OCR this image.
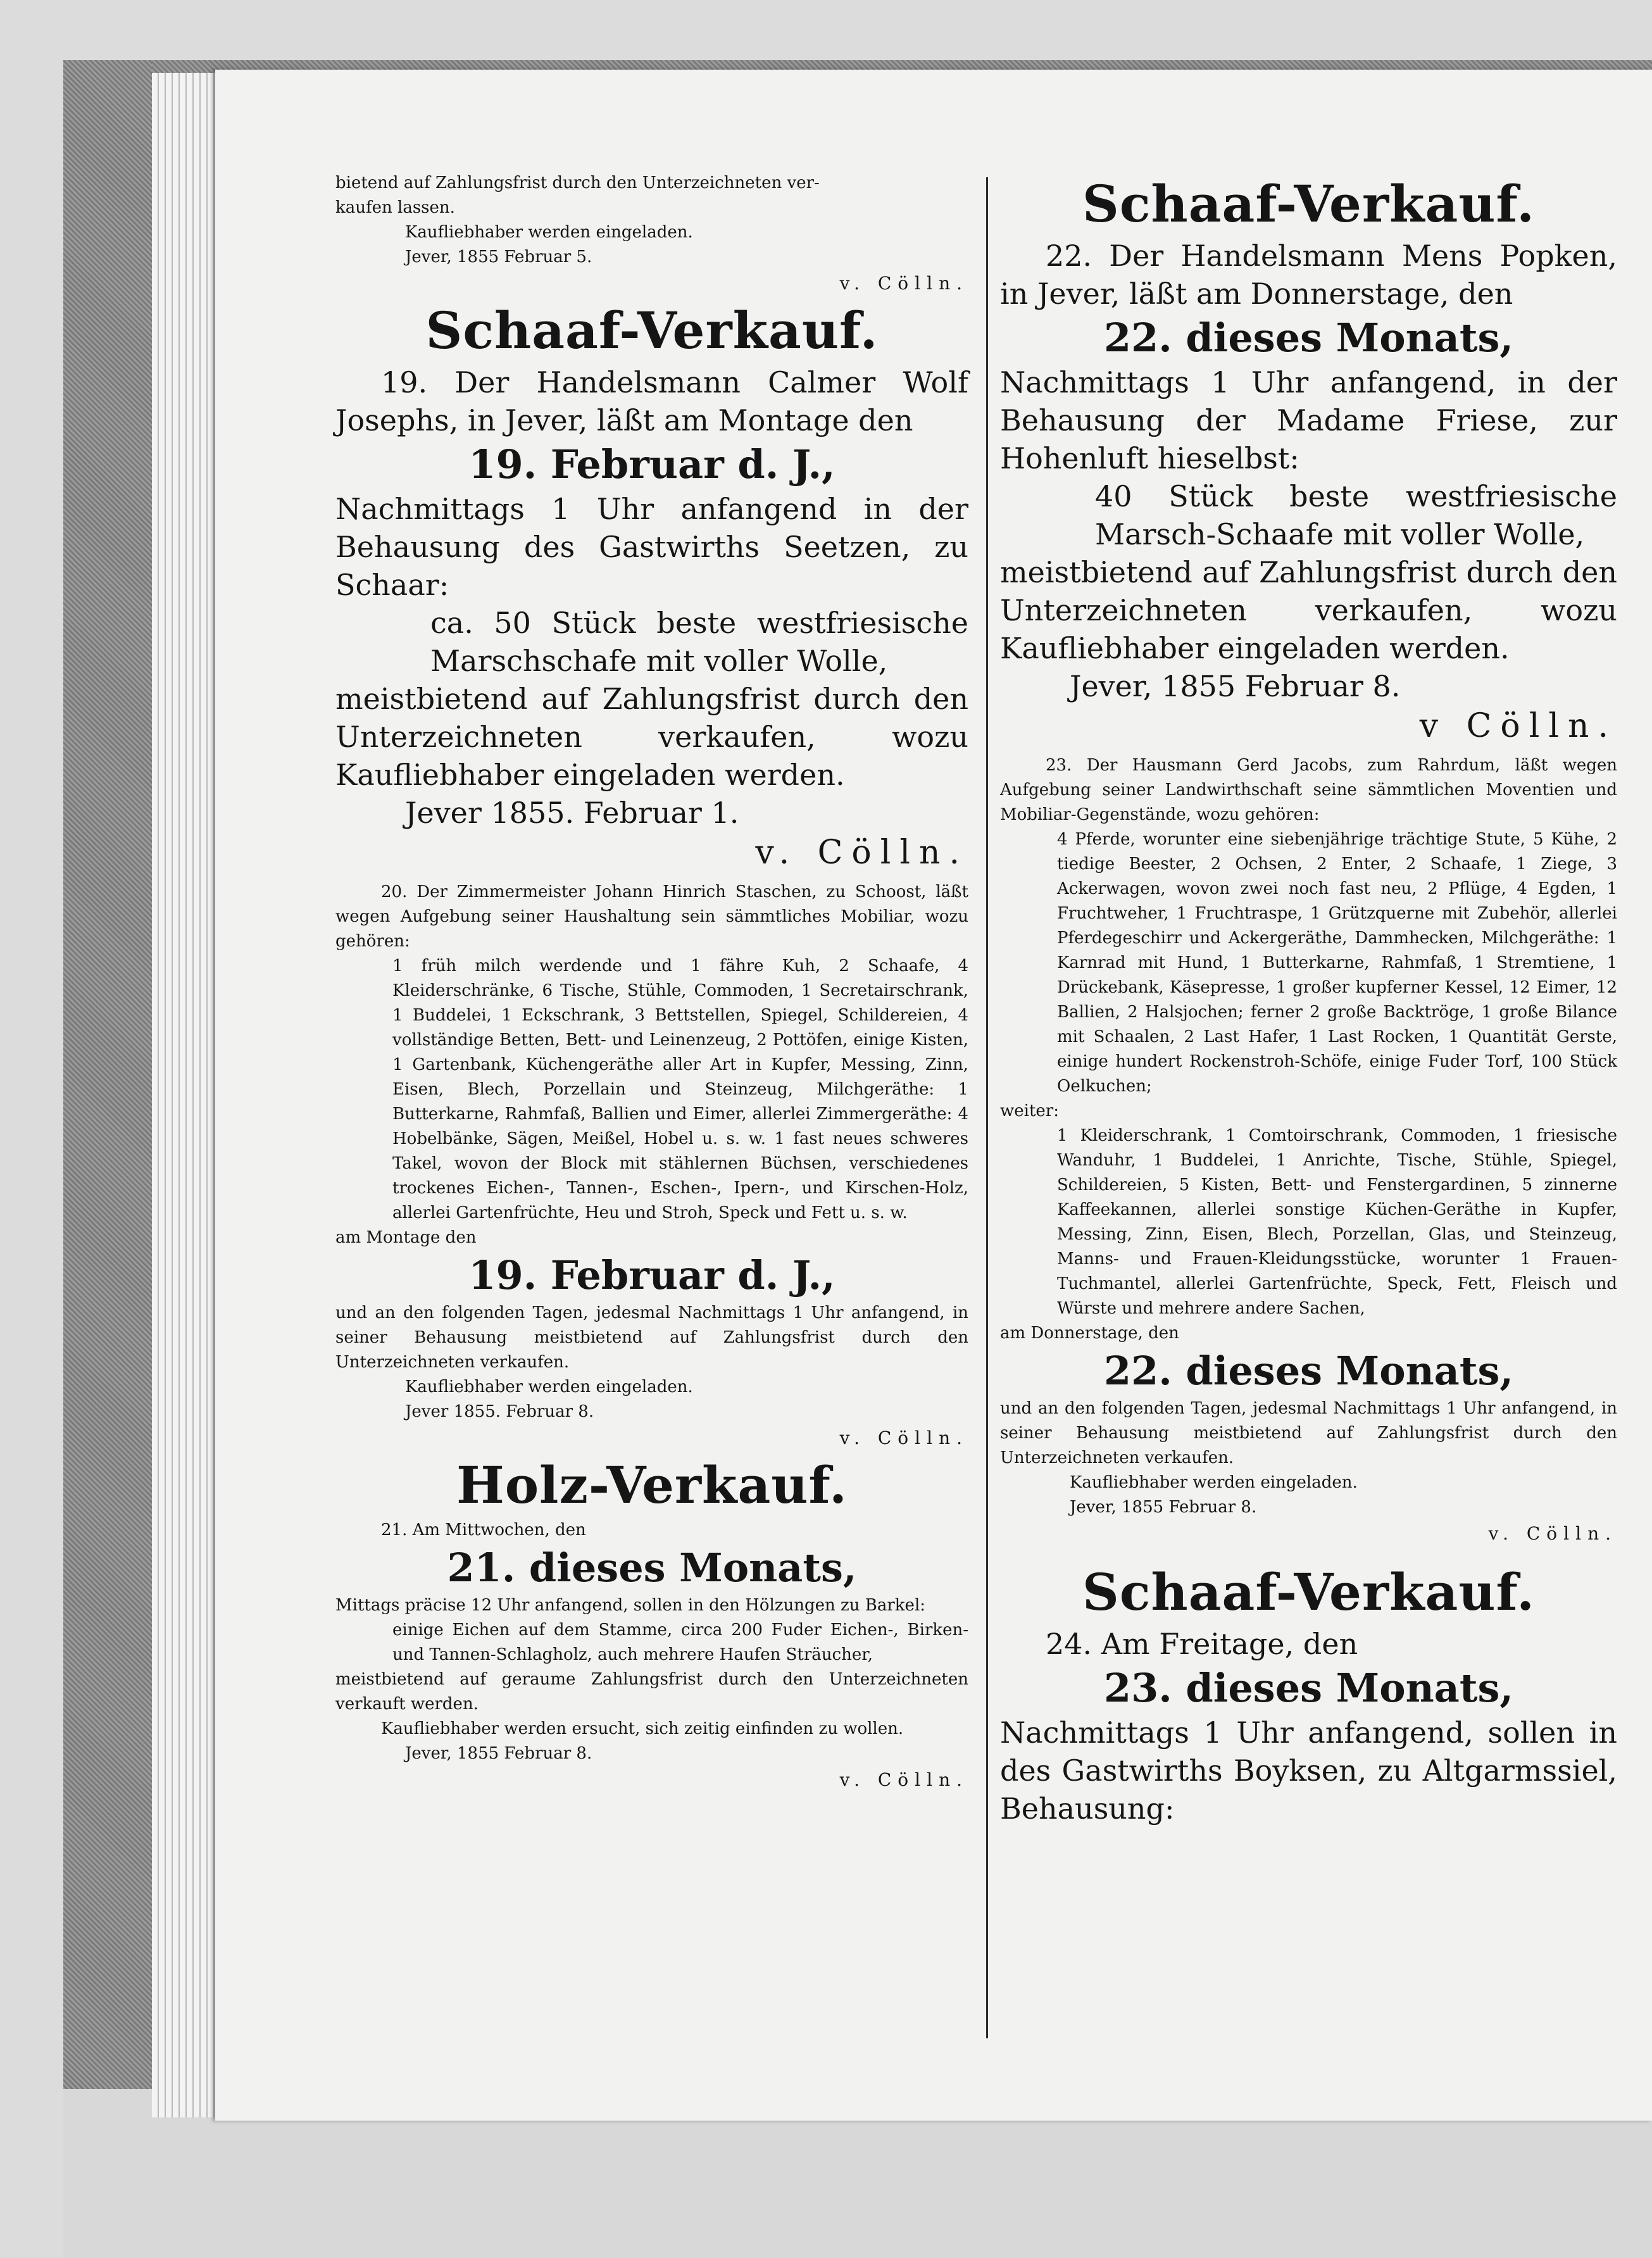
bietend auf Zahlungsfrist durch den Unterzeichneten ver-

kaufen lassen.

Kaufliebhaber werden eingeladen.

Jever, 1855 Februar 5.

v. Cölln.

Schaaf-Verkauf.

19. Der Handelsmann Calmer Wolf Josephs, in Jever, läßt am Montage den

19. Februar d. J.,

Nachmittags 1 Uhr anfangend in der Behausung des Gastwirths Seetzen, zu Schaar:

ca. 50 Stück beste westfriesische Marschschafe mit voller Wolle,

meistbietend auf Zahlungsfrist durch den Unterzeichneten verkaufen, wozu Kaufliebhaber eingeladen werden.

Jever 1855. Februar 1.

v. Cölln.

20. Der Zimmermeister Johann Hinrich Staschen, zu Schoost, läßt wegen Aufgebung seiner Haushaltung sein sämmtliches Mobiliar, wozu gehören:

1 früh milch werdende und 1 fähre Kuh, 2 Schaafe, 4 Kleiderschränke, 6 Tische, Stühle, Commoden, 1 Secretairschrank, 1 Buddelei, 1 Eckschrank, 3 Bettstellen, Spiegel, Schildereien, 4 vollständige Betten, Bett- und Leinenzeug, 2 Pottöfen, einige Kisten, 1 Gartenbank, Küchengeräthe aller Art in Kupfer, Messing, Zinn, Eisen, Blech, Porzellain und Steinzeug, Milchgeräthe: 1 Butterkarne, Rahmfaß, Ballien und Eimer, allerlei Zimmergeräthe: 4 Hobelbänke, Sägen, Meißel, Hobel u. s. w. 1 fast neues schweres Takel, wovon der Block mit stählernen Büchsen, verschiedenes trockenes Eichen-, Tannen-, Eschen-, Ipern-, und Kirschen-Holz, allerlei Gartenfrüchte, Heu und Stroh, Speck und Fett u. s. w.

am Montage den

19. Februar d. J.,

und an den folgenden Tagen, jedesmal Nachmittags 1 Uhr anfangend, in seiner Behausung meistbietend auf Zahlungsfrist durch den Unterzeichneten verkaufen.

Kaufliebhaber werden eingeladen.

Jever 1855. Februar 8.

v. Cölln.

Holz-Verkauf.

21. Am Mittwochen, den

21. dieses Monats,

Mittags präcise 12 Uhr anfangend, sollen in den Hölzungen zu Barkel:

einige Eichen auf dem Stamme, circa 200 Fuder Eichen-, Birken- und Tannen-Schlagholz, auch mehrere Haufen Sträucher,

meistbietend auf geraume Zahlungsfrist durch den Unterzeichneten verkauft werden.

Kaufliebhaber werden ersucht, sich zeitig einfinden zu wollen.

Jever, 1855 Februar 8.

v. Cölln.

Schaaf-Verkauf.

22. Der Handelsmann Mens Popken, in Jever, läßt am Donnerstage, den

22. dieses Monats,

Nachmittags 1 Uhr anfangend, in der Behausung der Madame Friese, zur Hohenluft hieselbst:

40 Stück beste westfriesische Marsch-Schaafe mit voller Wolle,

meistbietend auf Zahlungsfrist durch den Unterzeichneten verkaufen, wozu Kaufliebhaber eingeladen werden.

Jever, 1855 Februar 8.

v Cölln.

23. Der Hausmann Gerd Jacobs, zum Rahrdum, läßt wegen Aufgebung seiner Landwirthschaft seine sämmtlichen Moventien und Mobiliar-Gegenstände, wozu gehören:

4 Pferde, worunter eine siebenjährige trächtige Stute, 5 Kühe, 2 tiedige Beester, 2 Ochsen, 2 Enter, 2 Schaafe, 1 Ziege, 3 Ackerwagen, wovon zwei noch fast neu, 2 Pflüge, 4 Egden, 1 Fruchtweher, 1 Fruchtraspe, 1 Grützquerne mit Zubehör, allerlei Pferdegeschirr und Ackergeräthe, Dammhecken, Milchgeräthe: 1 Karnrad mit Hund, 1 Butterkarne, Rahmfaß, 1 Stremtiene, 1 Drückebank, Käsepresse, 1 großer kupferner Kessel, 12 Eimer, 12 Ballien, 2 Halsjochen; ferner 2 große Backtröge, 1 große Bilance mit Schaalen, 2 Last Hafer, 1 Last Rocken, 1 Quantität Gerste, einige hundert Rockenstroh-Schöfe, einige Fuder Torf, 100 Stück Oelkuchen;

weiter:

1 Kleiderschrank, 1 Comtoirschrank, Commoden, 1 friesische Wanduhr, 1 Buddelei, 1 Anrichte, Tische, Stühle, Spiegel, Schildereien, 5 Kisten, Bett- und Fenstergardinen, 5 zinnerne Kaffeekannen, allerlei sonstige Küchen-Geräthe in Kupfer, Messing, Zinn, Eisen, Blech, Porzellan, Glas, und Steinzeug, Manns- und Frauen-Kleidungsstücke, worunter 1 Frauen-Tuchmantel, allerlei Gartenfrüchte, Speck, Fett, Fleisch und Würste und mehrere andere Sachen,

am Donnerstage, den

22. dieses Monats,

und an den folgenden Tagen, jedesmal Nachmittags 1 Uhr anfangend, in seiner Behausung meistbietend auf Zahlungsfrist durch den Unterzeichneten verkaufen.

Kaufliebhaber werden eingeladen.

Jever, 1855 Februar 8.

v. Cölln.

Schaaf-Verkauf.

24. Am Freitage, den

23. dieses Monats,

Nachmittags 1 Uhr anfangend, sollen in des Gastwirths Boyksen, zu Altgarmssiel, Behausung:
